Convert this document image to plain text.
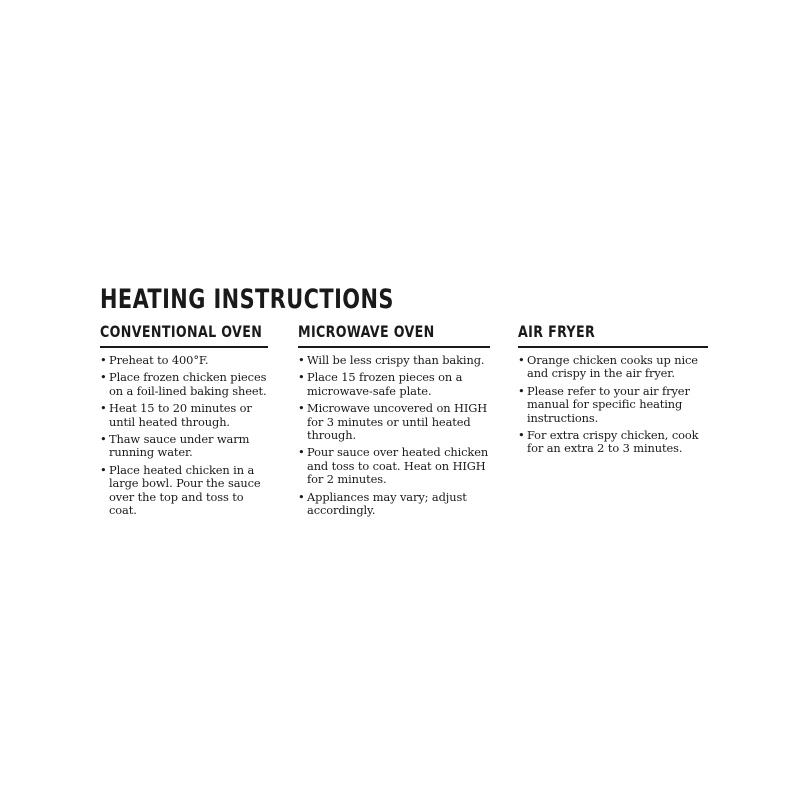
HEATING INSTRUCTIONS
CONVENTIONAL OVEN
• Preheat to 400°F.
• Place frozen chicken pieces on a foil-lined baking sheet.
• Heat 15 to 20 minutes or until heated through.
• Thaw sauce under warm running water.
• Place heated chicken in a large bowl. Pour the sauce over the top and toss to coat.
MICROWAVE OVEN
• Will be less crispy than baking.
• Place 15 frozen pieces on a microwave-safe plate.
• Microwave uncovered on HIGH for 3 minutes or until heated through.
• Pour sauce over heated chicken and toss to coat. Heat on HIGH for 2 minutes.
• Appliances may vary; adjust accordingly.
AIR FRYER
• Orange chicken cooks up nice and crispy in the air fryer.
• Please refer to your air fryer manual for specific heating instructions.
• For extra crispy chicken, cook for an extra 2 to 3 minutes.
